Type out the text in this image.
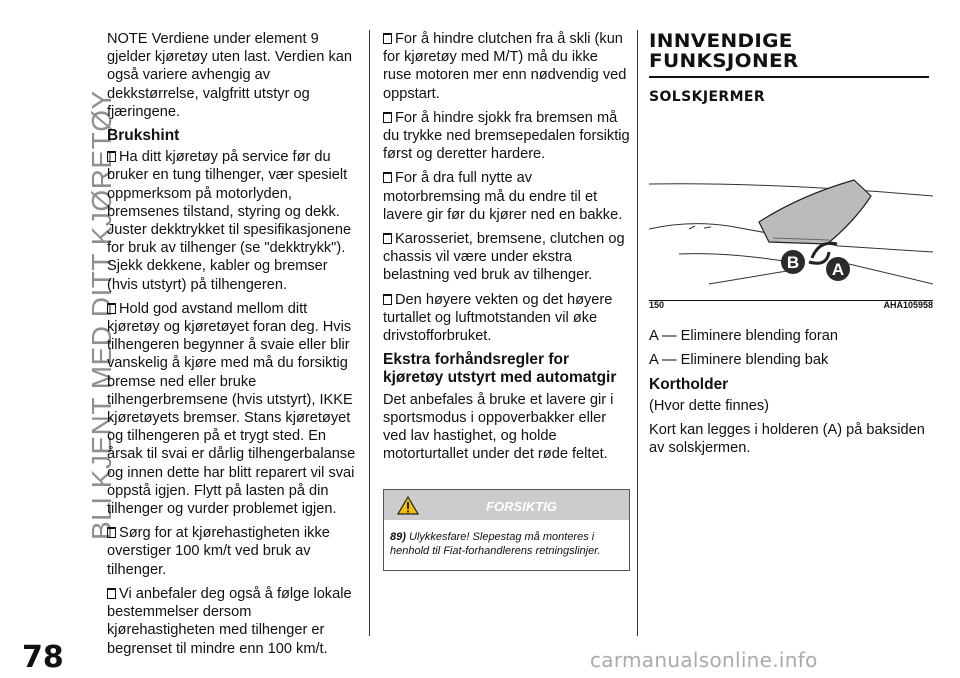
BLI KJENT MED DITT KJØRETØY
78

NOTE Verdiene under element 9 gjelder kjøretøy uten last. Verdien kan også variere avhengig av dekkstørrelse, valgfritt utstyr og fjæringene.

Brukshint

Ha ditt kjøretøy på service før du bruker en tung tilhenger, vær spesielt oppmerksom på motorlyden, bremsenes tilstand, styring og dekk. Juster dekktrykket til spesifikasjonene for bruk av tilhenger (se "dekktrykk"). Sjekk dekkene, kabler og bremser (hvis utstyrt) på tilhengeren.

Hold god avstand mellom ditt kjøretøy og kjøretøyet foran deg. Hvis tilhengeren begynner å svaie eller blir vanskelig å kjøre med må du forsiktig bremse ned eller bruke tilhengerbremsene (hvis utstyrt), IKKE kjøretøyets bremser. Stans kjøretøyet og tilhengeren på et trygt sted. En årsak til svai er dårlig tilhengerbalanse og innen dette har blitt reparert vil svai oppstå igjen. Flytt på lasten på din tilhenger og vurder problemet igjen.

Sørg for at kjørehastigheten ikke overstiger 100 km/t ved bruk av tilhenger.

Vi anbefaler deg også å følge lokale bestemmelser dersom kjørehastigheten med tilhenger er begrenset til mindre enn 100 km/t.

For å hindre clutchen fra å skli (kun for kjøretøy med M/T) må du ikke ruse motoren mer enn nødvendig ved oppstart.

For å hindre sjokk fra bremsen må du trykke ned bremsepedalen forsiktig først og deretter hardere.

For å dra full nytte av motorbremsing må du endre til et lavere gir før du kjører ned en bakke.

Karosseriet, bremsene, clutchen og chassis vil være under ekstra belastning ved bruk av tilhenger.

Den høyere vekten og det høyere turtallet og luftmotstanden vil øke drivstofforbruket.

Ekstra forhåndsregler for kjøretøy utstyrt med automatgir

Det anbefales å bruke et lavere gir i sportsmodus i oppoverbakker eller ved lav hastighet, og holde motorturtallet under det røde feltet.

FORSIKTIG
89) Ulykkesfare! Slepestag må monteres i henhold til Fiat-forhandlerens retningslinjer.
INNVENDIGE
FUNKSJONER
SOLSKJERMER
B A
150	AHA105958

A — Eliminere blending foran

A — Eliminere blending bak

Kortholder

(Hvor dette finnes)

Kort kan legges i holderen (A) på baksiden av solskjermen.

carmanualsonline.info
